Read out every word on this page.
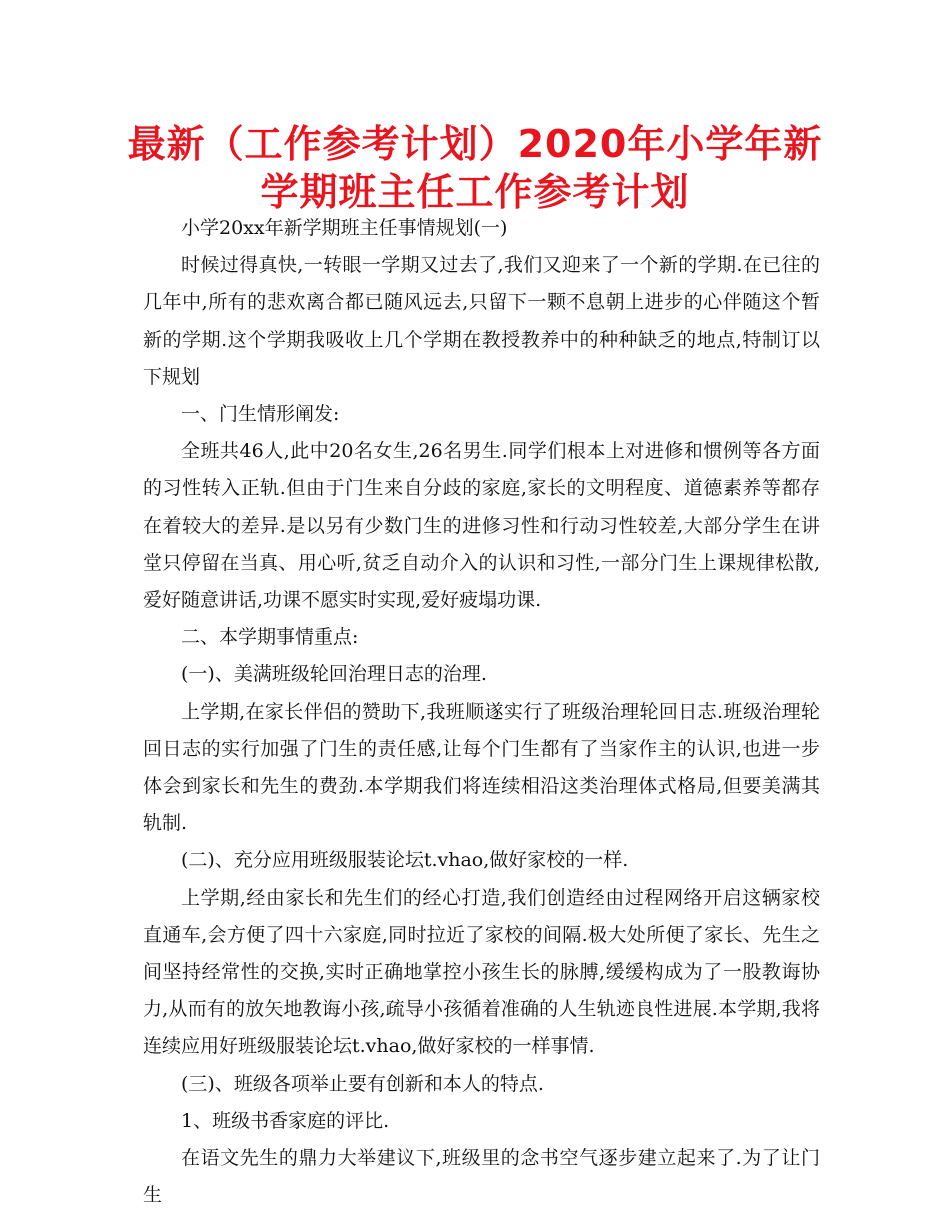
最新（工作参考计划）2020年小学年新学期班主任工作参考计划

小学20xx年新学期班主任事情规划(一)

时候过得真快,一转眼一学期又过去了,我们又迎来了一个新的学期.在已往的几年中,所有的悲欢离合都已随风远去,只留下一颗不息朝上进步的心伴随这个暂新的学期.这个学期我吸收上几个学期在教授教养中的种种缺乏的地点,特制订以下规划

一、门生情形阐发:

全班共46人,此中20名女生,26名男生.同学们根本上对进修和惯例等各方面的习性转入正轨.但由于门生来自分歧的家庭,家长的文明程度、道德素养等都存在着较大的差异.是以另有少数门生的进修习性和行动习性较差,大部分学生在讲堂只停留在当真、用心听,贫乏自动介入的认识和习性,一部分门生上课规律松散,爱好随意讲话,功课不愿实时实现,爱好疲塌功课.

二、本学期事情重点:

(一)、美满班级轮回治理日志的治理.

上学期,在家长伴侣的赞助下,我班顺遂实行了班级治理轮回日志.班级治理轮回日志的实行加强了门生的责任感,让每个门生都有了当家作主的认识,也进一步体会到家长和先生的费劲.本学期我们将连续相沿这类治理体式格局,但要美满其轨制.

(二)、充分应用班级服装论坛t.vhao,做好家校的一样.

上学期,经由家长和先生们的经心打造,我们创造经由过程网络开启这辆家校直通车,会方便了四十六家庭,同时拉近了家校的间隔.极大处所便了家长、先生之间坚持经常性的交换,实时正确地掌控小孩生长的脉膊,缓缓构成为了一股教诲协力,从而有的放矢地教诲小孩,疏导小孩循着准确的人生轨迹良性进展.本学期,我将连续应用好班级服装论坛t.vhao,做好家校的一样事情.

(三)、班级各项举止要有创新和本人的特点.

1、班级书香家庭的评比.

在语文先生的鼎力大举建议下,班级里的念书空气逐步建立起来了.为了让门生
